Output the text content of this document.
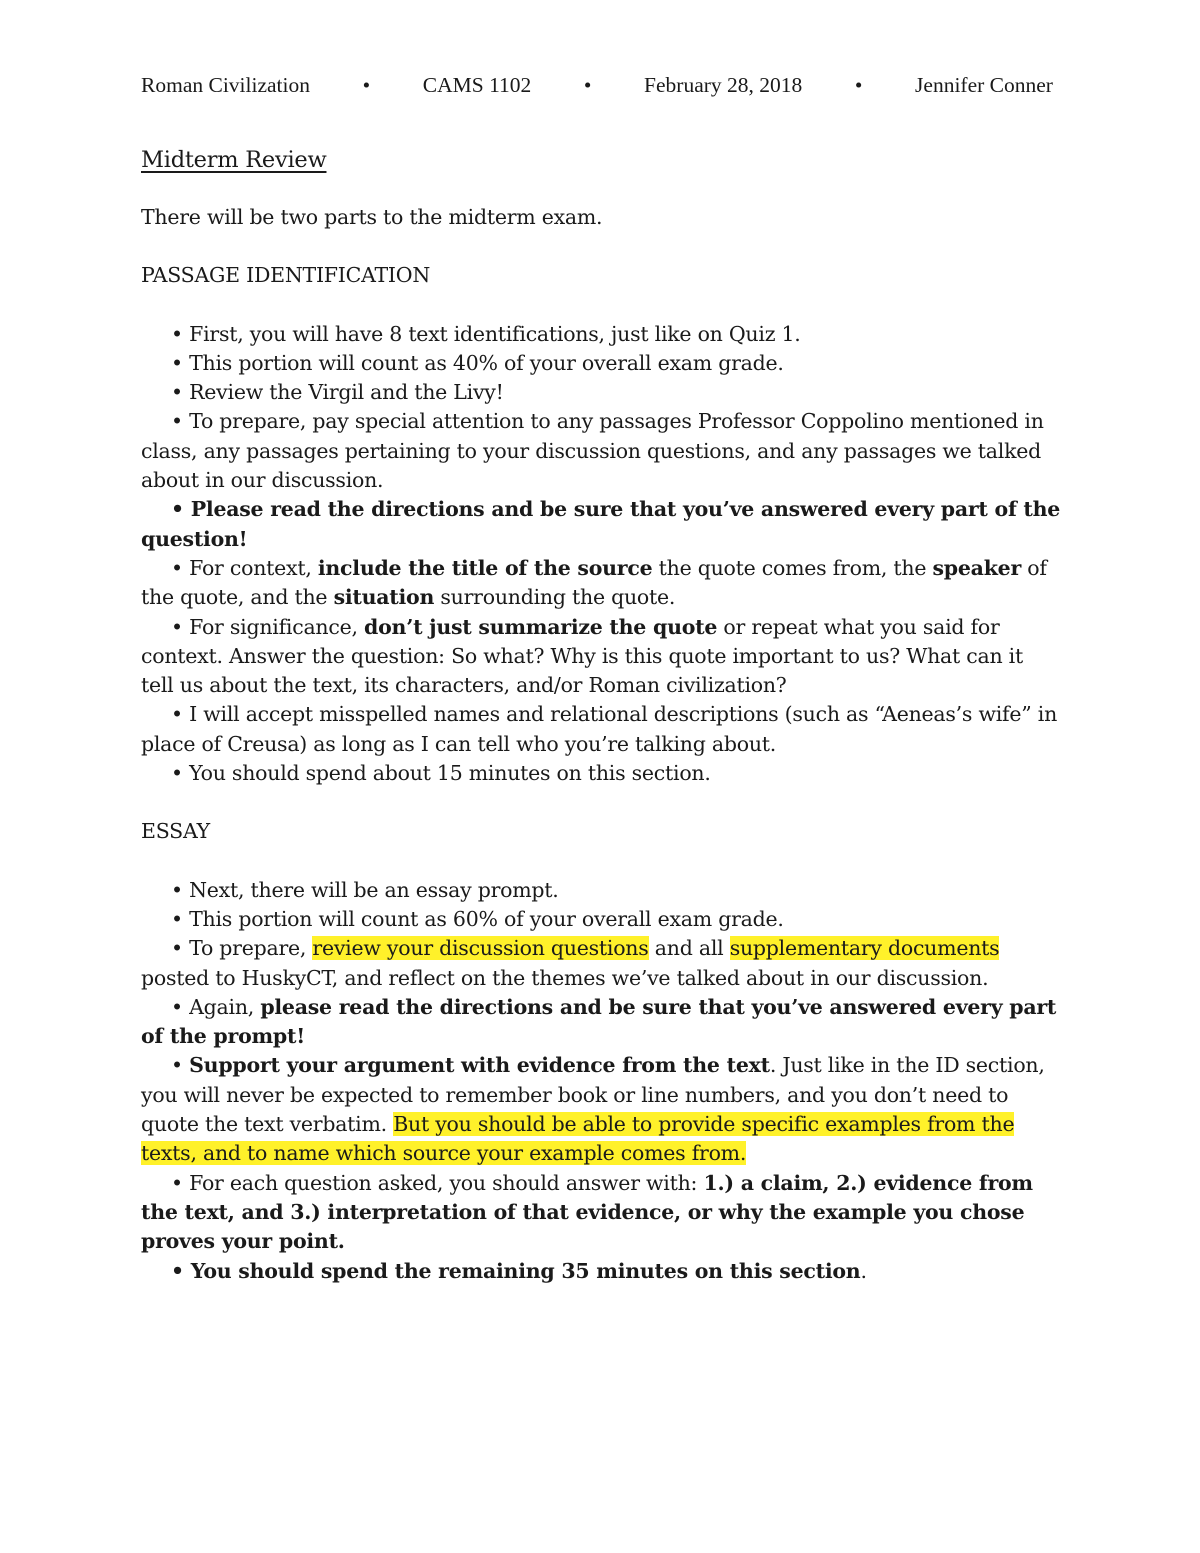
Roman Civilization • CAMS 1102 • February 28, 2018 • Jennifer Conner
Midterm Review

There will be two parts to the midterm exam.

PASSAGE IDENTIFICATION

• First, you will have 8 text identifications, just like on Quiz 1.

• This portion will count as 40% of your overall exam grade.

• Review the Virgil and the Livy!

• To prepare, pay special attention to any passages Professor Coppolino mentioned in class, any passages pertaining to your discussion questions, and any passages we talked about in our discussion.

• Please read the directions and be sure that you’ve answered every part of the question!

• For context, include the title of the source the quote comes from, the speaker of the quote, and the situation surrounding the quote.

• For significance, don’t just summarize the quote or repeat what you said for context. Answer the question: So what? Why is this quote important to us? What can it tell us about the text, its characters, and/or Roman civilization?

• I will accept misspelled names and relational descriptions (such as “Aeneas’s wife” in place of Creusa) as long as I can tell who you’re talking about.

• You should spend about 15 minutes on this section.

ESSAY

• Next, there will be an essay prompt.

• This portion will count as 60% of your overall exam grade.

• To prepare, review your discussion questions and all supplementary documents posted to HuskyCT, and reflect on the themes we’ve talked about in our discussion.

• Again, please read the directions and be sure that you’ve answered every part of the prompt!

• Support your argument with evidence from the text. Just like in the ID section, you will never be expected to remember book or line numbers, and you don’t need to quote the text verbatim. But you should be able to provide specific examples from the texts, and to name which source your example comes from.

• For each question asked, you should answer with: 1.) a claim, 2.) evidence from the text, and 3.) interpretation of that evidence, or why the example you chose proves your point.

• You should spend the remaining 35 minutes on this section.
